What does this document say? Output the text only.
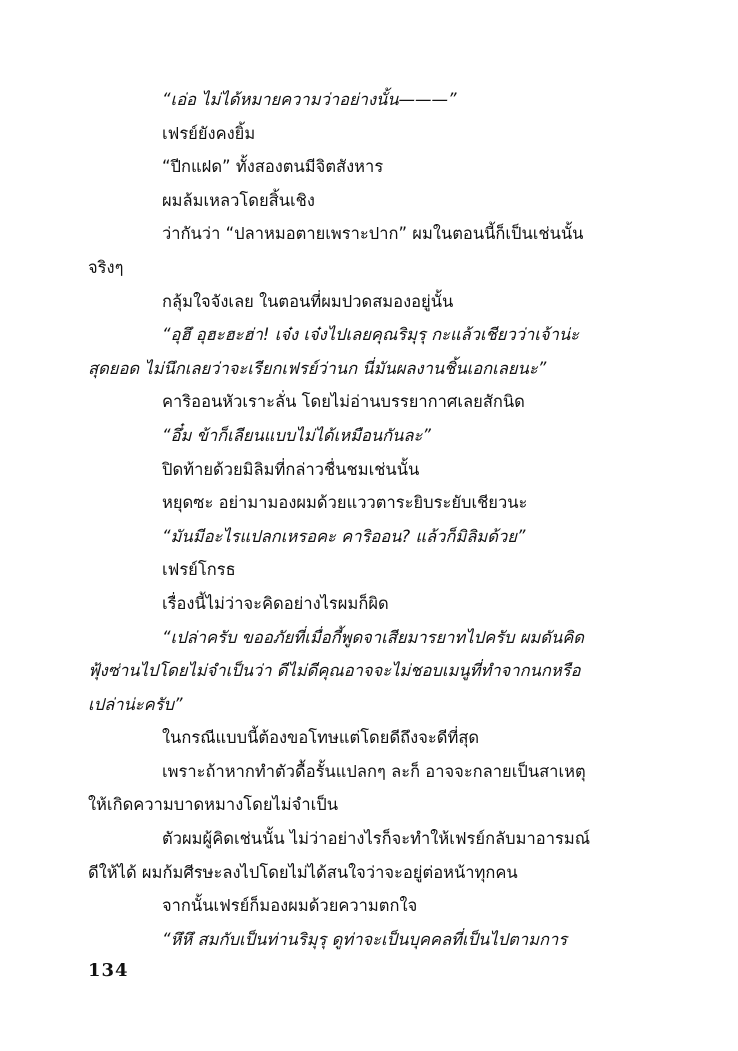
“เอ่อ ไม่ได้หมายความว่าอย่างนั้น———”
เฟรย์ยังคงยิ้ม
“ปีกแฝด” ทั้งสองตนมีจิตสังหาร
ผมล้มเหลวโดยสิ้นเชิง
ว่ากันว่า “ปลาหมอตายเพราะปาก” ผมในตอนนี้ก็เป็นเช่นนั้น
จริงๆ
กลุ้มใจจังเลย ในตอนที่ผมปวดสมองอยู่นั้น
“อุฮึ อุฮะฮะฮ่า! เจ๋ง เจ๋งไปเลยคุณริมุรุ กะแล้วเชียวว่าเจ้าน่ะ
สุดยอด ไม่นึกเลยว่าจะเรียกเฟรย์ว่านก นี่มันผลงานชิ้นเอกเลยนะ”
คาริออนหัวเราะลั่น โดยไม่อ่านบรรยากาศเลยสักนิด
“อึ๋ม ข้าก็เลียนแบบไม่ได้เหมือนกันละ”
ปิดท้ายด้วยมิลิมที่กล่าวชื่นชมเช่นนั้น
หยุดซะ อย่ามามองผมด้วยแววตาระยิบระยับเชียวนะ
“มันมีอะไรแปลกเหรอคะ คาริออน? แล้วก็มิลิมด้วย”
เฟรย์โกรธ
เรื่องนี้ไม่ว่าจะคิดอย่างไรผมก็ผิด
“เปล่าครับ ขออภัยที่เมื่อกี้พูดจาเสียมารยาทไปครับ ผมดันคิด
ฟุ้งซ่านไปโดยไม่จำเป็นว่า ดีไม่ดีคุณอาจจะไม่ชอบเมนูที่ทำจากนกหรือ
เปล่าน่ะครับ”
ในกรณีแบบนี้ต้องขอโทษแต่โดยดีถึงจะดีที่สุด
เพราะถ้าหากทำตัวดื้อรั้นแปลกๆ ละก็ อาจจะกลายเป็นสาเหตุ
ให้เกิดความบาดหมางโดยไม่จำเป็น
ตัวผมผู้คิดเช่นนั้น ไม่ว่าอย่างไรก็จะทำให้เฟรย์กลับมาอารมณ์
ดีให้ได้ ผมก้มศีรษะลงไปโดยไม่ได้สนใจว่าจะอยู่ต่อหน้าทุกคน
จากนั้นเฟรย์ก็มองผมด้วยความตกใจ
“หึหึ สมกับเป็นท่านริมุรุ ดูท่าจะเป็นบุคคลที่เป็นไปตามการ
134
